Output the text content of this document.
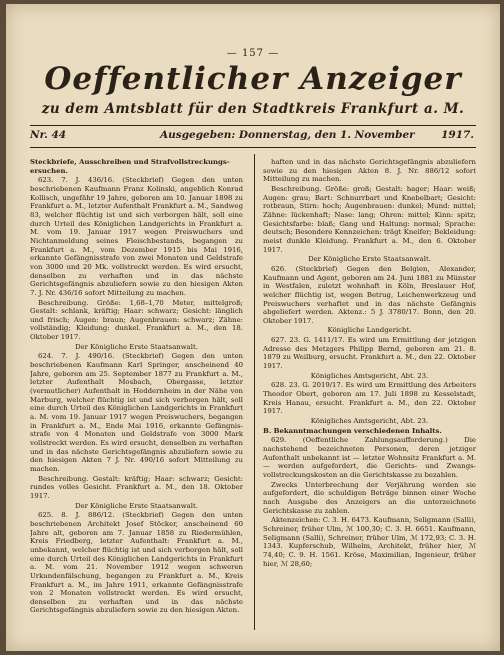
— 157 —
Oeffentlicher Anzeiger
zu dem Amtsblatt für den Stadtkreis Frankfurt a. M.
Nr. 44	Ausgegeben: Donnerstag, den 1. November	1917.

Steckbriefe, Ausschreiben und Strafvollstreckungsersuchen.

623. 7. J. 436/16. (Steckbrief) Gegen den unten beschriebenen Kaufmann Franz Kolinski, angeblich Konrad Kollisch, ungefähr 19 Jahre, geboren am 10. Januar 1898 zu Frankfurt a. M., letzter Aufenthalt Frankfurt a. M., Sandweg 83, welcher flüchtig ist und sich verborgen hält, soll eine durch Urteil des Königlichen Landgerichts in Frankfurt a. M. vom 19. Januar 1917 wegen Preiswuchers und Nichtanmeldung seines Fleischbestands, begangen zu Frankfurt a. M., vom Dezember 1915 bis Mai 1916, erkannte Gefängnisstrafe von zwei Monaten und Geldstrafe von 3000 und 20 Mk. vollstreckt werden. Es wird ersucht, denselben zu verhaften und in das nächste Gerichtsgefängnis abzuliefern sowie zu den hiesigen Akten 7. J. Nr. 436/16 sofort Mitteilung zu machen.

Beschreibung. Größe: 1,68–1,70 Meter, mittelgroß; Gestalt: schlank, kräftig; Haar: schwarz; Gesicht: länglich und frisch; Augen: braun; Augenbrauen: schwarz; Zähne: vollständig; Kleidung: dunkel. Frankfurt a. M., den 18. Oktober 1917.

Der Königliche Erste Staatsanwalt.

624. 7. J. 490/16. (Steckbrief) Gegen den unten beschriebenen Kaufmann Karl Springer, anscheinend 40 Jahre, geboren am 25. September 1877 zu Frankfurt a. M., letzter Aufenthalt Mosbach, Obergasse, letzter (vermutlicher) Aufenthalt in Heddernheim in der Nähe von Marburg, welcher flüchtig ist und sich verborgen hält, soll eine durch Urteil des Königlichen Landgerichts in Frankfurt a. M. vom 19. Januar 1917 wegen Preiswuchers, begangen in Frankfurt a. M., Ende Mai 1916, erkannte Gefängnisstrafe von 4 Monaten und Geldstrafe von 3000 Mark vollstreckt werden. Es wird ersucht, denselben zu verhaften und in das nächste Gerichtsgefängnis abzuliefern sowie zu den hiesigen Akten 7 J. Nr. 490/16 sofort Mitteilung zu machen.

Beschreibung. Gestalt: kräftig; Haar: schwarz; Gesicht: rundes volles Gesicht. Frankfurt a. M., den 18. Oktober 1917.

Der Königliche Erste Staatsanwalt.

625. 8. J. 886/12. (Steckbrief) Gegen den unten beschriebenen Architekt Josef Stöcker, anscheinend 60 Jahre alt, geboren am 7. Januar 1858 zu Riedermühlen, Kreis Friedberg, letzter Aufenthalt: Frankfurt a. M., unbekannt, welcher flüchtig ist und sich verborgen hält, soll eine durch Urteil des Königlichen Landgerichts in Frankfurt a. M. vom 21. November 1912 wegen schweren Urkundenfälschung, begangen zu Frankfurt a. M., Kreis Frankfurt a. M., im Jahre 1911, erkannte Gefängnisstrafe von 2 Monaten vollstreckt werden. Es wird ersucht, denselben zu verhaften und in das nächste Gerichtsgefängnis abzuliefern sowie zu den hiesigen Akten.

haften und in das nächste Gerichtsgefängnis abzuliefern sowie zu den hiesigen Akten 8. J. Nr. 886/12 sofort Mitteilung zu machen.

Beschreibung. Größe: groß; Gestalt: hager; Haar: weiß; Augen: grau; Bart: Schnurrbart und Knebelbart; Gesicht: rotbraun, Stirn: hoch; Augenbrauen: dunkel; Mund: mittel; Zähne: lückenhaft; Nase: lang; Ohren: mittel; Kinn: spitz; Gesichtsfarbe: blaß; Gang und Haltung: normal; Sprache: deutsch; Besondere Kennzeichen: trägt Kneifer; Bekleidung: meist dunkle Kleidung. Frankfurt a. M., den 6. Oktober 1917.

Der Königliche Erste Staatsanwalt.

626. (Steckbrief) Gegen den Belgien, Alexander, Kaufmann und Agent, geboren am 24. Juni 1881 zu Münster in Westfalen, zuletzt wohnhaft in Köln, Breslauer Hof, welcher flüchtig ist, wegen Betrug, Leichenwerkzeug und Preiswuchers verhaftet und in das nächste Gefängnis abgeliefert werden. Aktenz.: 5 J. 3780/17. Bonn, den 20. Oktober 1917.

Königliche Landgericht.

627. 23. G. 1411/17. Es wird um Ermittlung der jetzigen Adresse des Metzgers Philipp Bernd, geboren am 21. 8. 1879 zu Weilburg, ersucht. Frankfurt a. M., den 22. Oktober 1917.

Königliches Amtsgericht, Abt. 23.

628. 23. G. 2019/17. Es wird um Ermittlung des Arbeiters Theodor Obert, geboren am 17. Juli 1898 zu Kesselstadt, Kreis Hanau, ersucht. Frankfurt a. M., den 22. Oktober 1917.

Königliches Amtsgericht, Abt. 23.

B. Bekanntmachungen verschiedenen Inhalts.

629. (Oeffentliche Zahlungsaufforderung.) Die nachstehend bezeichneten Personen, deren jetziger Aufenthalt unbekannt ist — letzter Wohnsitz Frankfurt a. M. — werden aufgefordert, die Gerichts- und Zwangsvollstreckungskosten an die Gerichtskasse zu bezahlen.

Zwecks Unterbrechung der Verjährung werden sie aufgefordert, die schuldigen Beträge binnen einer Woche nach Ausgabe des Anzeigers an die unterzeichnete Gerichtskasse zu zahlen.

Aktenzeichen: C. 3. H. 6473. Kaufmann, Seligmann (Salli), Schreiner, früher Ulm, ℳ 100,30; C. 3. H. 6651. Kaufmann, Seligmann (Salli), Schreiner, früher Ulm, ℳ 172,93; C. 3. H. 1343. Kupferschub, Wilhelm, Architekt, früher hier, ℳ 74,40; C. 9. H. 1561. Kröse, Maximilian, Ingenieur, früher hier, ℳ 28,60;
